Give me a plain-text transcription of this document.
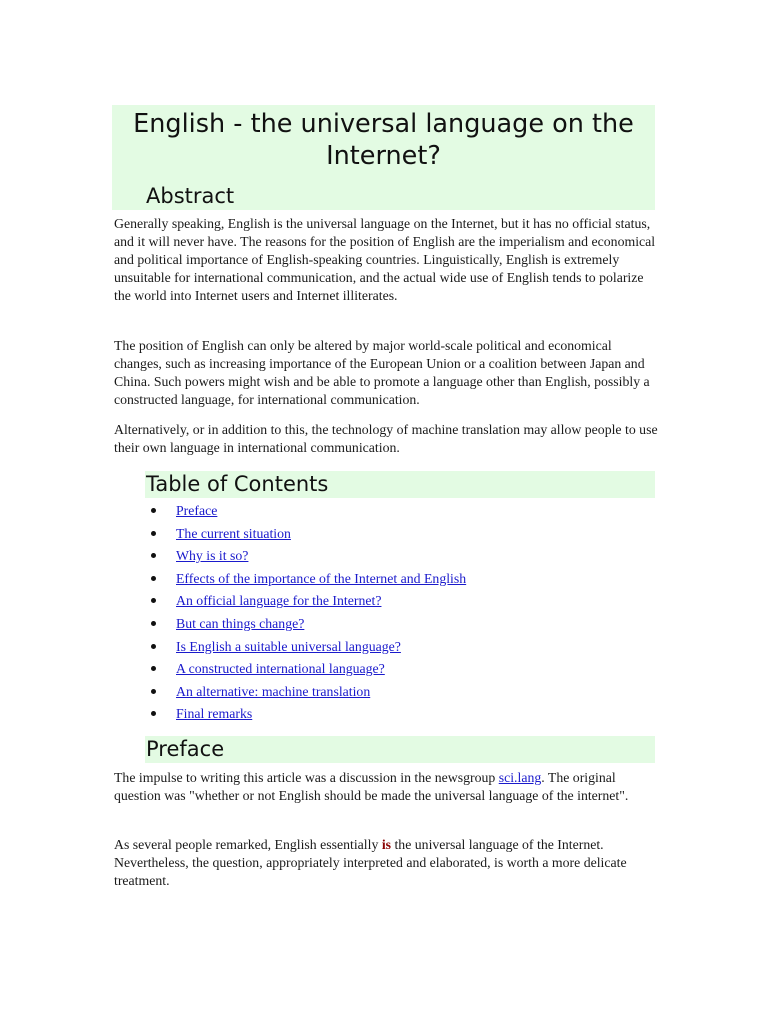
English - the universal language on the Internet?
Abstract

Generally speaking, English is the universal language on the Internet, but it has no official status, and it will never have. The reasons for the position of English are the imperialism and economical and political importance of English-speaking countries. Linguistically, English is extremely unsuitable for international communication, and the actual wide use of English tends to polarize the world into Internet users and Internet illiterates.

The position of English can only be altered by major world-scale political and economical changes, such as increasing importance of the European Union or a coalition between Japan and China. Such powers might wish and be able to promote a language other than English, possibly a constructed language, for international communication.

Alternatively, or in addition to this, the technology of machine translation may allow people to use their own language in international communication.

Table of Contents
Preface
The current situation
Why is it so?
Effects of the importance of the Internet and English
An official language for the Internet?
But can things change?
Is English a suitable universal language?
A constructed international language?
An alternative: machine translation
Final remarks
Preface

The impulse to writing this article was a discussion in the newsgroup sci.lang. The original question was "whether or not English should be made the universal language of the internet".

As several people remarked, English essentially is the universal language of the Internet. Nevertheless, the question, appropriately interpreted and elaborated, is worth a more delicate treatment.
